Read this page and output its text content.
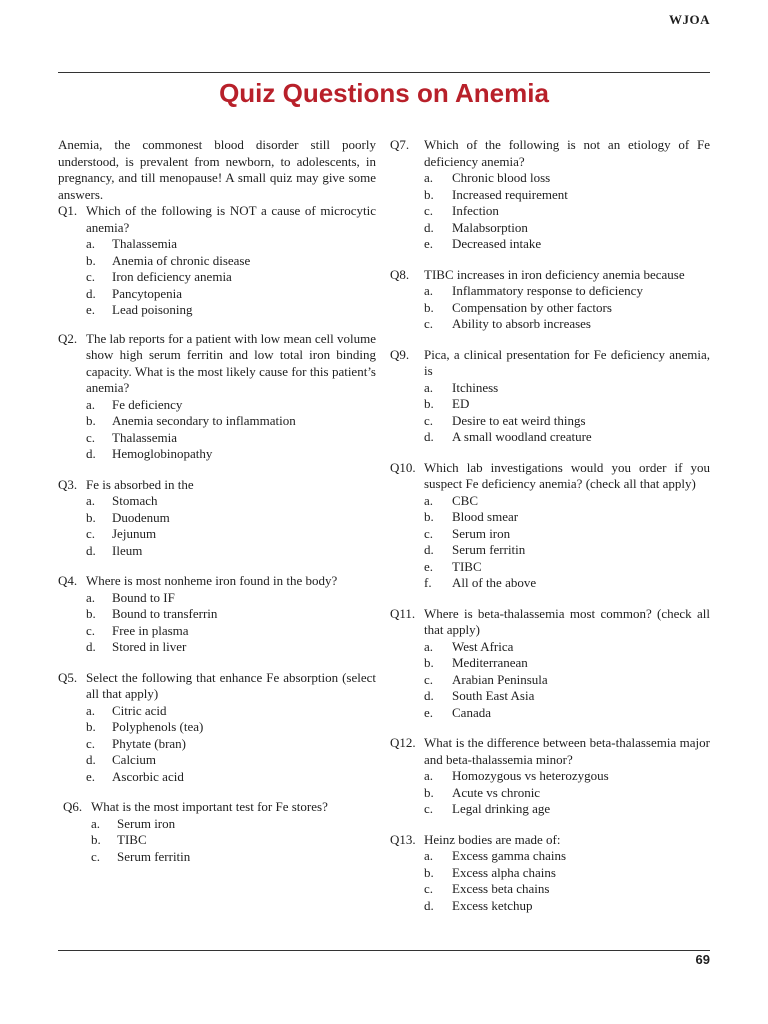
WJOA
Quiz Questions on Anemia

Anemia, the commonest blood disorder still poorly understood, is prevalent from newborn, to adolescents, in pregnancy, and till menopause! A small quiz may give some answers.

Q1. Which of the following is NOT a cause of microcytic anemia?
a.	Thalassemia
b.	Anemia of chronic disease
c.	Iron deficiency anemia
d.	Pancytopenia
e.	Lead poisoning
Q2. The lab reports for a patient with low mean cell volume show high serum ferritin and low total iron binding capacity. What is the most likely cause for this patient’s anemia?
a.	Fe deficiency
b.	Anemia secondary to inflammation
c.	Thalassemia
d.	Hemoglobinopathy
Q3. Fe is absorbed in the
a.	Stomach
b.	Duodenum
c.	Jejunum
d.	Ileum
Q4. Where is most nonheme iron found in the body?
a.	Bound to IF
b.	Bound to transferrin
c.	Free in plasma
d.	Stored in liver
Q5. Select the following that enhance Fe absorption (select all that apply)
a.	Citric acid
b.	Polyphenols (tea)
c.	Phytate (bran)
d.	Calcium
e.	Ascorbic acid
Q6. What is the most important test for Fe stores?
a.	Serum iron
b.	TIBC
c.	Serum ferritin
Q7.	Which of the following is not an etiology of Fe deficiency anemia?
a.	Chronic blood loss
b.	Increased requirement
c.	Infection
d.	Malabsorption
e.	Decreased intake
Q8.	TIBC increases in iron deficiency anemia because
a.	Inflammatory response to deficiency
b.	Compensation by other factors
c.	Ability to absorb increases
Q9.	Pica, a clinical presentation for Fe deficiency anemia, is
a.	Itchiness
b.	ED
c.	Desire to eat weird things
d.	A small woodland creature
Q10. Which lab investigations would you order if you suspect Fe deficiency anemia? (check all that apply)
a.	CBC
b.	Blood smear
c.	Serum iron
d.	Serum ferritin
e.	TIBC
f.	All of the above
Q11. Where is beta-thalassemia most common? (check all that apply)
a.	West Africa
b.	Mediterranean
c.	Arabian Peninsula
d.	South East Asia
e.	Canada
Q12. What is the difference between beta-thalassemia major and beta-thalassemia minor?
a.	Homozygous vs heterozygous
b.	Acute vs chronic
c.	Legal drinking age
Q13. Heinz bodies are made of:
a.	Excess gamma chains
b.	Excess alpha chains
c.	Excess beta chains
d.	Excess ketchup
69
